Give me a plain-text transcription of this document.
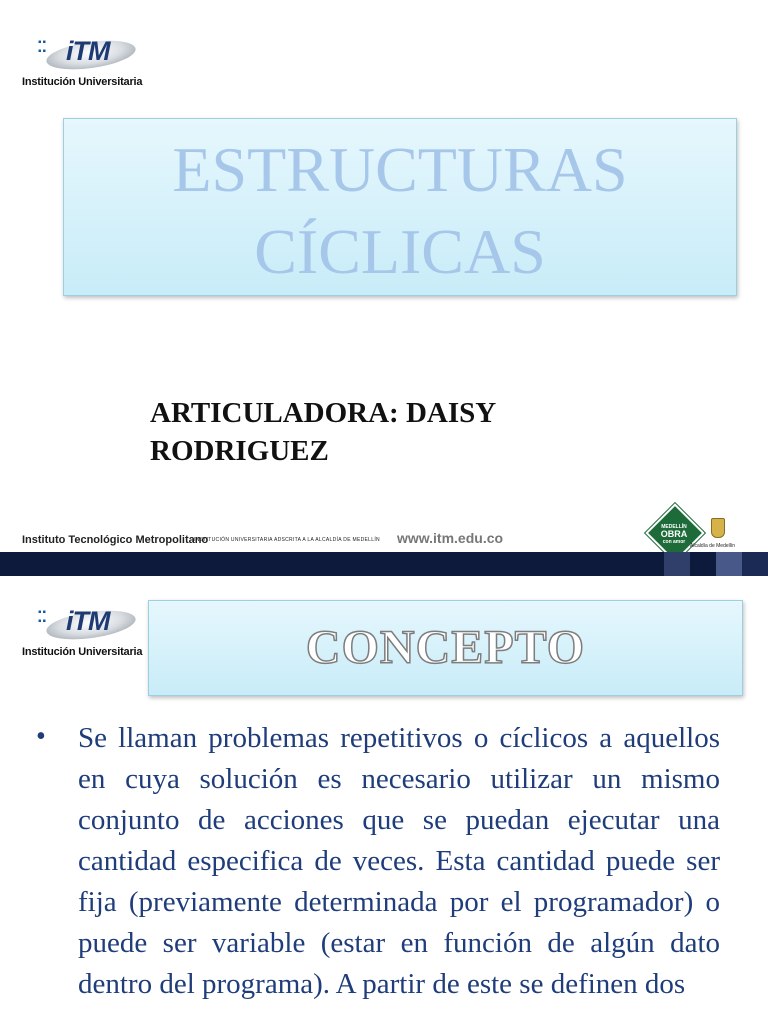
▪▪
▪▪ iTM
Institución Universitaria
ESTRUCTURAS
CÍCLICAS
ARTICULADORA: DAISY
RODRIGUEZ
Instituto Tecnológico Metropolitano
INSTITUCIÓN UNIVERSITARIA ADSCRITA A LA ALCALDÍA DE MEDELLÍN www.itm.edu.co
MEDELLÍN
OBRA
con amor
Alcaldía de Medellín
▪▪
▪▪ iTM
Institución Universitaria	CONCEPTO
• Se llaman problemas repetitivos o cíclicos a aquellos en cuya solución es necesario utilizar un mismo conjunto de acciones que se puedan ejecutar una cantidad especifica de veces. Esta cantidad puede ser fija (previamente determinada por el programador) o puede ser variable (estar en función de algún dato dentro del programa). A partir de este se definen dos
